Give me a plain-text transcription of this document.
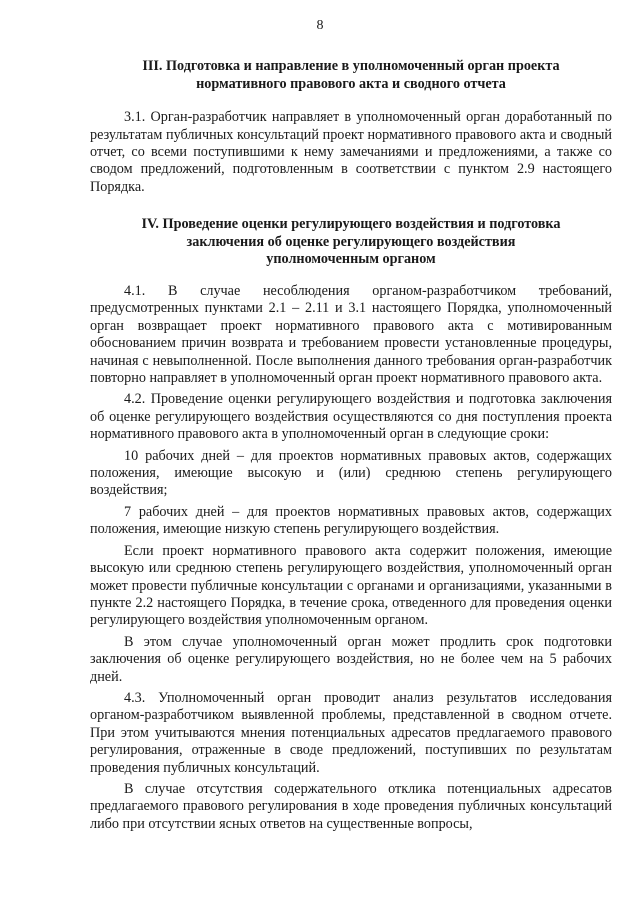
8
III. Подготовка и направление в уполномоченный орган проекта
нормативного правового акта и сводного отчета

3.1. Орган-разработчик направляет в уполномоченный орган доработанный по результатам публичных консультаций проект нормативного правового акта и сводный отчет, со всеми поступившими к нему замечаниями и предложениями, а также со сводом предложений, подготовленным в соответствии с пунктом 2.9 настоящего Порядка.

IV. Проведение оценки регулирующего воздействия и подготовка
заключения об оценке регулирующего воздействия
уполномоченным органом

4.1. В случае несоблюдения органом-разработчиком требований, предусмотренных пунктами 2.1 – 2.11 и 3.1 настоящего Порядка, уполномоченный орган возвращает проект нормативного правового акта с мотивированным обоснованием причин возврата и требованием провести установленные процедуры, начиная с невыполненной. После выполнения данного требования орган-разработчик повторно направляет в уполномоченный орган проект нормативного правового акта.

4.2. Проведение оценки регулирующего воздействия и подготовка заключения об оценке регулирующего воздействия осуществляются со дня поступления проекта нормативного правового акта в уполномоченный орган в следующие сроки:

10 рабочих дней – для проектов нормативных правовых актов, содержащих положения, имеющие высокую и (или) среднюю степень регулирующего воздействия;

7 рабочих дней – для проектов нормативных правовых актов, содержащих положения, имеющие низкую степень регулирующего воздействия.

Если проект нормативного правового акта содержит положения, имеющие высокую или среднюю степень регулирующего воздействия, уполномоченный орган может провести публичные консультации с органами и организациями, указанными в пункте 2.2 настоящего Порядка, в течение срока, отведенного для проведения оценки регулирующего воздействия уполномоченным органом.

В этом случае уполномоченный орган может продлить срок подготовки заключения об оценке регулирующего воздействия, но не более чем на 5 рабочих дней.

4.3. Уполномоченный орган проводит анализ результатов исследования органом-разработчиком выявленной проблемы, представленной в сводном отчете. При этом учитываются мнения потенциальных адресатов предлагаемого правового регулирования, отраженные в своде предложений, поступивших по результатам проведения публичных консультаций.

В случае отсутствия содержательного отклика потенциальных адресатов предлагаемого правового регулирования в ходе проведения публичных консультаций либо при отсутствии ясных ответов на существенные вопросы,
